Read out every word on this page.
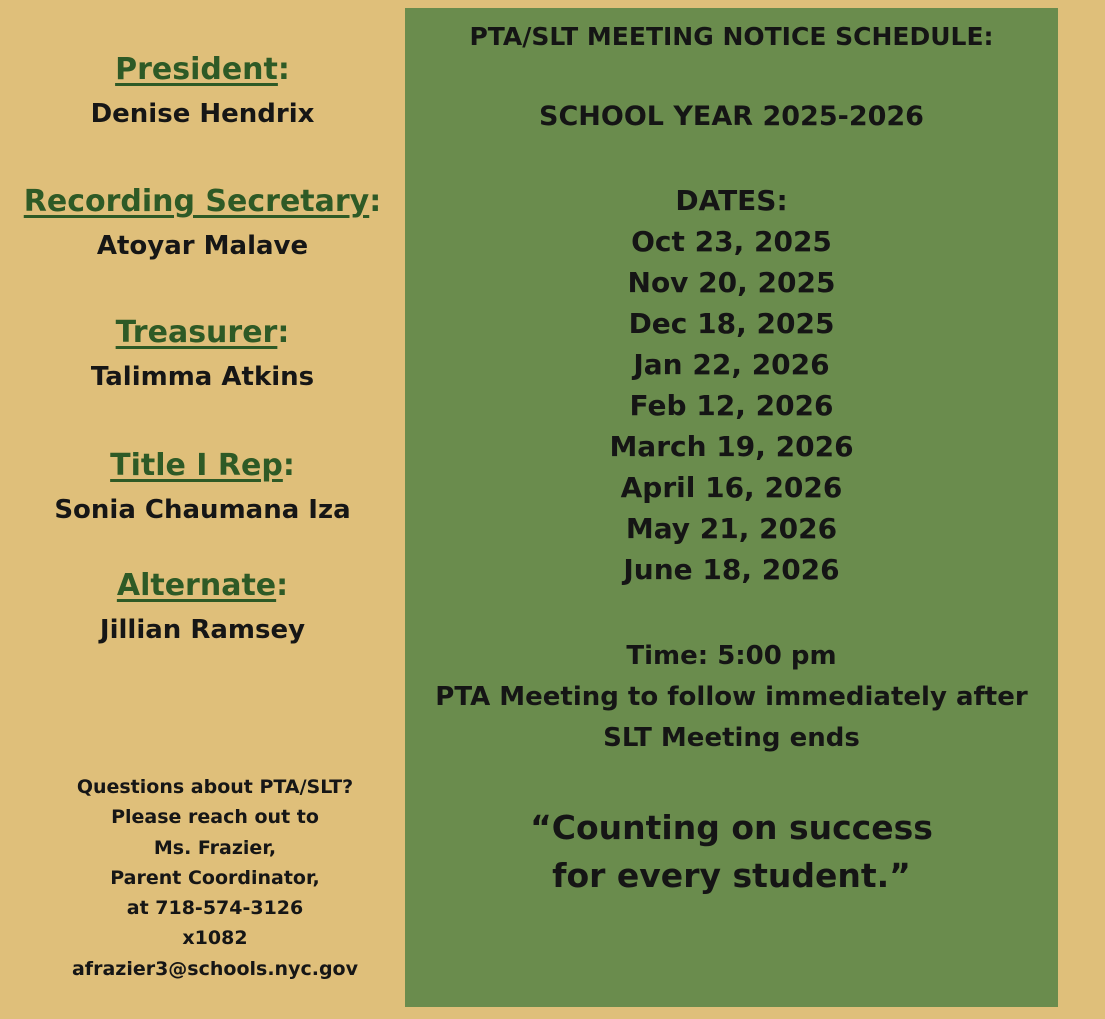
President:
Denise Hendrix
Recording Secretary:
Atoyar Malave
Treasurer:
Talimma Atkins
Title I Rep:
Sonia Chaumana Iza
Alternate:
Jillian Ramsey
Questions about PTA/SLT?
Please reach out to
Ms. Frazier,
Parent Coordinator,
at 718-574-3126
x1082
afrazier3@schools.nyc.gov
PTA/SLT MEETING NOTICE SCHEDULE:
SCHOOL YEAR 2025-2026
DATES:
Oct 23, 2025
Nov 20, 2025
Dec 18, 2025
Jan 22, 2026
Feb 12, 2026
March 19, 2026
April 16, 2026
May 21, 2026
June 18, 2026
Time: 5:00 pm
PTA Meeting to follow immediately after
SLT Meeting ends
“Counting on success
for every student.”
